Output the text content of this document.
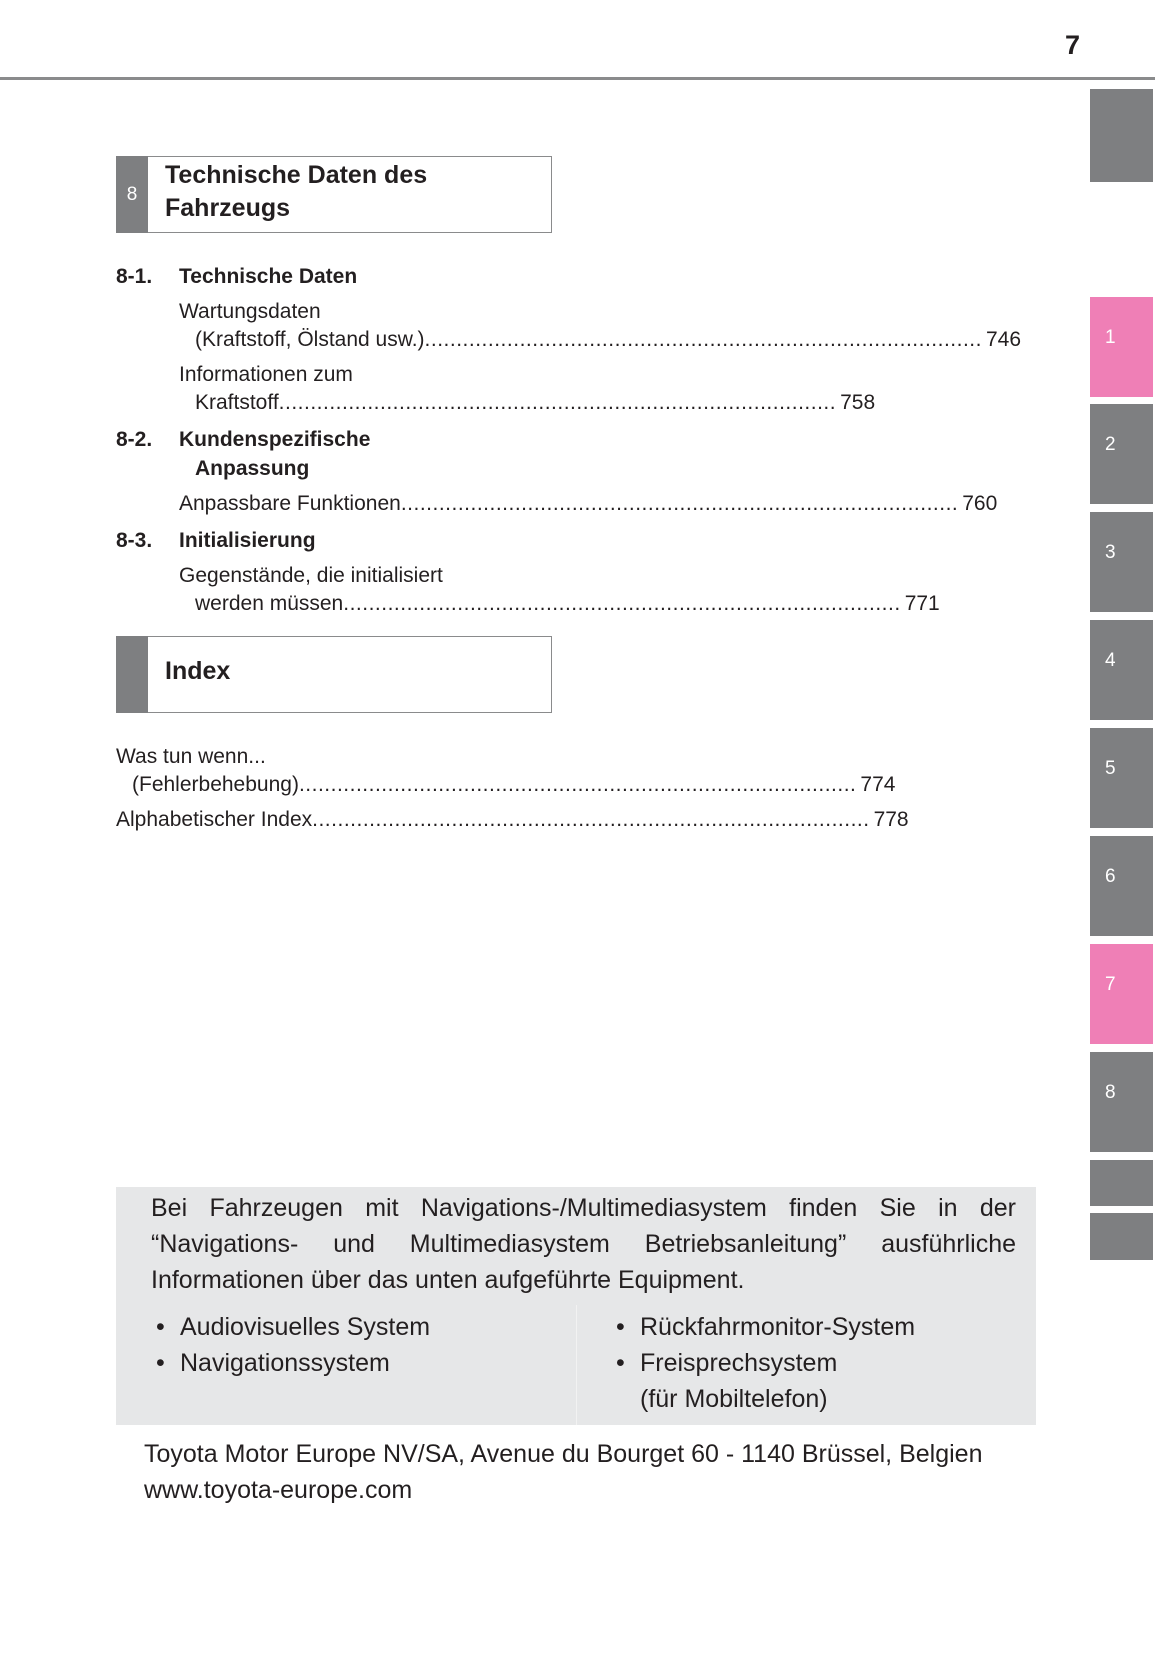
7
1
2
3
4
5
6
7
8
8
Technische Daten des
Fahrzeugs
8-1. Technische Daten
Wartungsdaten
(Kraftstoff, Ölstand usw.) ........................................................................................ 746
Informationen zum
Kraftstoff ........................................................................................ 758
8-2. Kundenspezifische
Anpassung
Anpassbare Funktionen ........................................................................................ 760
8-3. Initialisierung
Gegenstände, die initialisiert
werden müssen ........................................................................................ 771
Index
Was tun wenn...
(Fehlerbehebung) ........................................................................................ 774
Alphabetischer Index ........................................................................................ 778
Bei Fahrzeugen mit Navigations-/Multimediasystem finden Sie in der “Navigations- und Multimediasystem Betriebsanleitung” ausführliche Informationen über das unten aufgeführte Equipment.
• Audiovisuelles System
• Navigationssystem
• Rückfahrmonitor-System
• Freisprechsystem
(für Mobiltelefon)
Toyota Motor Europe NV/SA, Avenue du Bourget 60 - 1140 Brüssel, Belgien
www.toyota-europe.com
